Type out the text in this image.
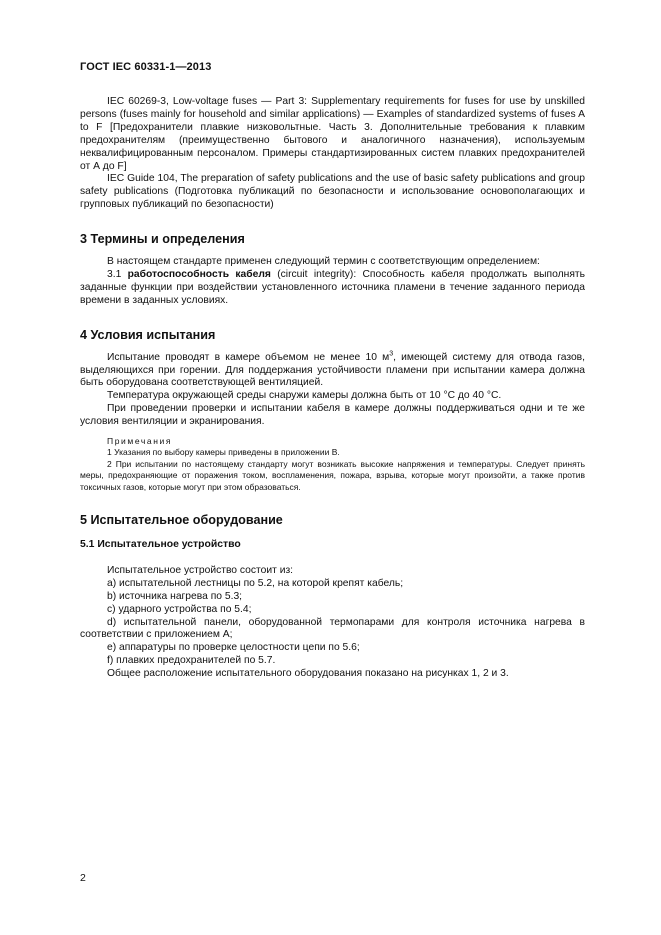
ГОСТ IEC 60331-1—2013

IEC 60269-3, Low-voltage fuses — Part 3: Supplementary requirements for fuses for use by unskilled persons (fuses mainly for household and similar applications) — Examples of standardized systems of fuses A to F [Предохранители плавкие низковольтные. Часть 3. Дополнительные требования к плавким предохранителям (преимущественно бытового и аналогичного назначения), используемым неквалифицированным персоналом. Примеры стандартизированных систем плавких предохранителей от А до F]

IEC Guide 104, The preparation of safety publications and the use of basic safety publications and group safety publications (Подготовка публикаций по безопасности и использование основополагающих и групповых публикаций по безопасности)

3 Термины и определения

В настоящем стандарте применен следующий термин с соответствующим определением:

3.1 работоспособность кабеля (circuit integrity): Способность кабеля продолжать выполнять заданные функции при воздействии установленного источника пламени в течение заданного периода времени в заданных условиях.

4 Условия испытания

Испытание проводят в камере объемом не менее 10 $м^3$, имеющей систему для отвода газов, выделяющихся при горении. Для поддержания устойчивости пламени при испытании камера должна быть оборудована соответствующей вентиляцией.

Температура окружающей среды снаружи камеры должна быть от 10 °С до 40 °С.

При проведении проверки и испытании кабеля в камере должны поддерживаться одни и те же условия вентиляции и экранирования.

Примечания

1 Указания по выбору камеры приведены в приложении В.

2 При испытании по настоящему стандарту могут возникать высокие напряжения и температуры. Следует принять меры, предохраняющие от поражения током, воспламенения, пожара, взрыва, которые могут произойти, а также против токсичных газов, которые могут при этом образоваться.

5 Испытательное оборудование
5.1 Испытательное устройство

Испытательное устройство состоит из:

а) испытательной лестницы по 5.2, на которой крепят кабель;

b) источника нагрева по 5.3;

с) ударного устройства по 5.4;

d) испытательной панели, оборудованной термопарами для контроля источника нагрева в соответствии с приложением А;

е) аппаратуры по проверке целостности цепи по 5.6;

f) плавких предохранителей по 5.7.

Общее расположение испытательного оборудования показано на рисунках 1, 2 и 3.

2
